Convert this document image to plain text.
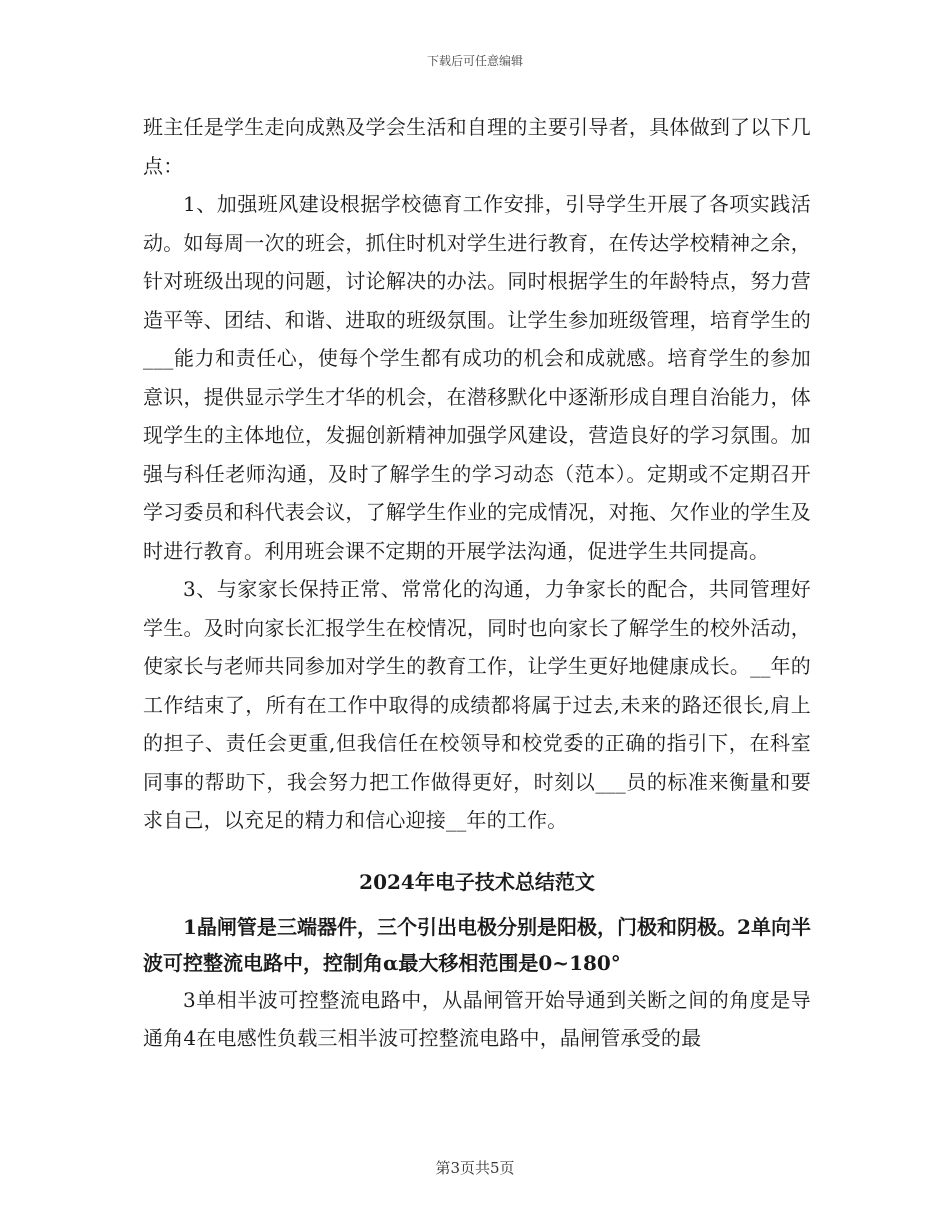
下载后可任意编辑

班主任是学生走向成熟及学会生活和自理的主要引导者，具体做到了以下几点：

1、加强班风建设根据学校德育工作安排，引导学生开展了各项实践活动。如每周一次的班会，抓住时机对学生进行教育，在传达学校精神之余，针对班级出现的问题，讨论解决的办法。同时根据学生的年龄特点，努力营造平等、团结、和谐、进取的班级氛围。让学生参加班级管理，培育学生的___能力和责任心，使每个学生都有成功的机会和成就感。培育学生的参加意识，提供显示学生才华的机会，在潜移默化中逐渐形成自理自治能力，体现学生的主体地位，发掘创新精神加强学风建设，营造良好的学习氛围。加强与科任老师沟通，及时了解学生的学习动态（范本）。定期或不定期召开学习委员和科代表会议，了解学生作业的完成情况，对拖、欠作业的学生及时进行教育。利用班会课不定期的开展学法沟通，促进学生共同提高。

3、与家家长保持正常、常常化的沟通，力争家长的配合，共同管理好学生。及时向家长汇报学生在校情况，同时也向家长了解学生的校外活动，使家长与老师共同参加对学生的教育工作，让学生更好地健康成长。__年的工作结束了，所有在工作中取得的成绩都将属于过去,未来的路还很长,肩上的担子、责任会更重,但我信任在校领导和校党委的正确的指引下，在科室同事的帮助下，我会努力把工作做得更好，时刻以___员的标准来衡量和要求自己，以充足的精力和信心迎接__年的工作。

2024年电子技术总结范文

1晶闸管是三端器件，三个引出电极分别是阳极，门极和阴极。2单向半波可控整流电路中，控制角α最大移相范围是0~180°

3单相半波可控整流电路中，从晶闸管开始导通到关断之间的角度是导通角4在电感性负载三相半波可控整流电路中，晶闸管承受的最

第3页共5页
